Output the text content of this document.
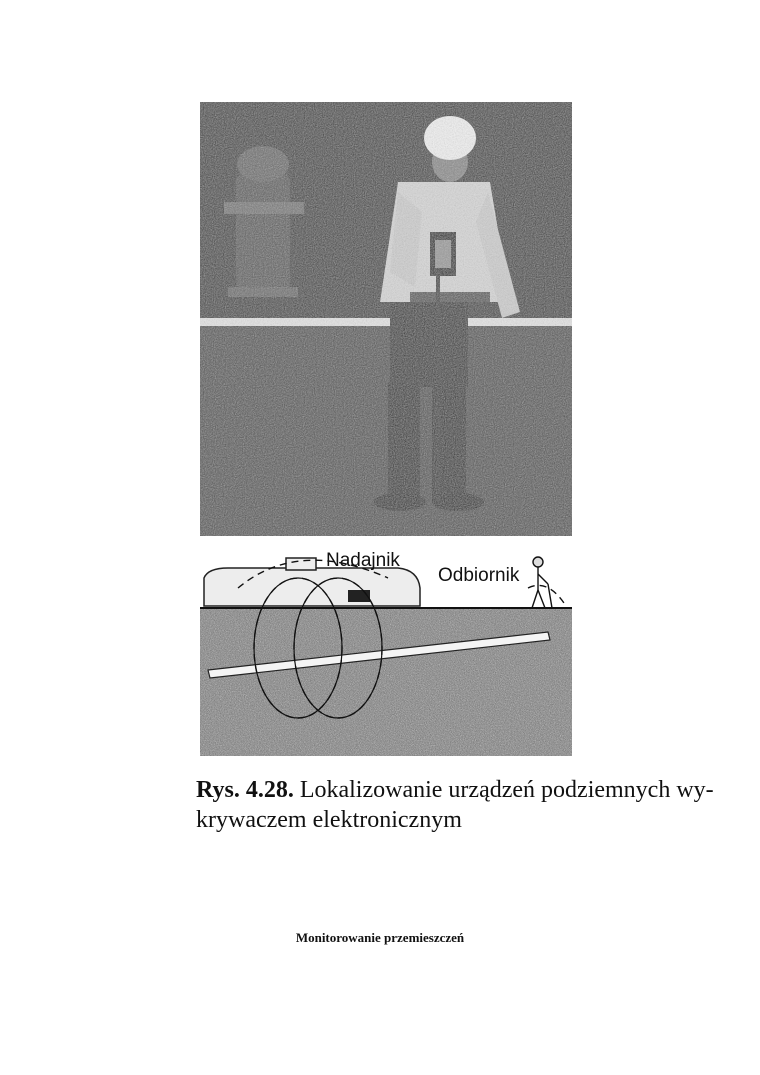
Nadajnik
Odbiornik
Rys. 4.28. Lokalizowanie urządzeń podziemnych wy-
krywaczem elektronicznym
Monitorowanie przemieszczeń
